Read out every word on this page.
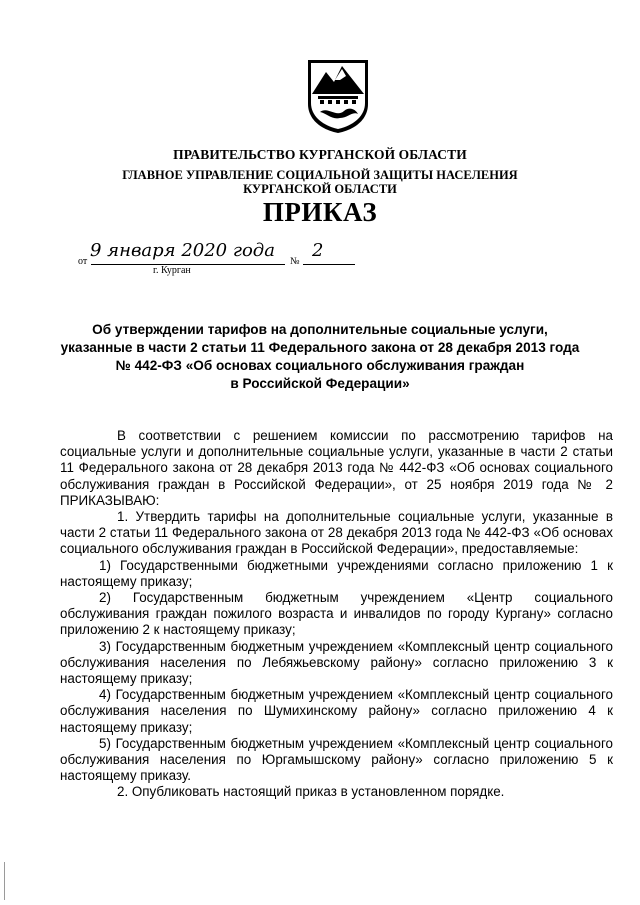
ПРАВИТЕЛЬСТВО КУРГАНСКОЙ ОБЛАСТИ
ГЛАВНОЕ УПРАВЛЕНИЕ СОЦИАЛЬНОЙ ЗАЩИТЫ НАСЕЛЕНИЯ
КУРГАНСКОЙ ОБЛАСТИ
ПРИКАЗ
от
9 января 2020 года
№
2
г. Курган
Об утверждении тарифов на дополнительные социальные услуги,
указанные в части 2 статьи 11 Федерального закона от 28 декабря 2013 года
№ 442-ФЗ «Об основах социального обслуживания граждан
в Российской Федерации»

В соответствии с решением комиссии по рассмотрению тарифов на социальные услуги и дополнительные социальные услуги, указанные в части 2 статьи 11 Федерального закона от 28 декабря 2013 года № 442-ФЗ «Об основах социального обслуживания граждан в Российской Федерации», от 25 ноября 2019 года № 2 ПРИКАЗЫВАЮ:

1. Утвердить тарифы на дополнительные социальные услуги, указанные в части 2 статьи 11 Федерального закона от 28 декабря 2013 года № 442-ФЗ «Об основах социального обслуживания граждан в Российской Федерации», предоставляемые:

1) Государственными бюджетными учреждениями согласно приложению 1 к настоящему приказу;

2) Государственным бюджетным учреждением «Центр социального обслуживания граждан пожилого возраста и инвалидов по городу Кургану» согласно приложению 2 к настоящему приказу;

3) Государственным бюджетным учреждением «Комплексный центр социального обслуживания населения по Лебяжьевскому району» согласно приложению 3 к настоящему приказу;

4) Государственным бюджетным учреждением «Комплексный центр социального обслуживания населения по Шумихинскому району» согласно приложению 4 к настоящему приказу;

5) Государственным бюджетным учреждением «Комплексный центр социального обслуживания населения по Юргамышскому району» согласно приложению 5 к настоящему приказу.

2. Опубликовать настоящий приказ в установленном порядке.
